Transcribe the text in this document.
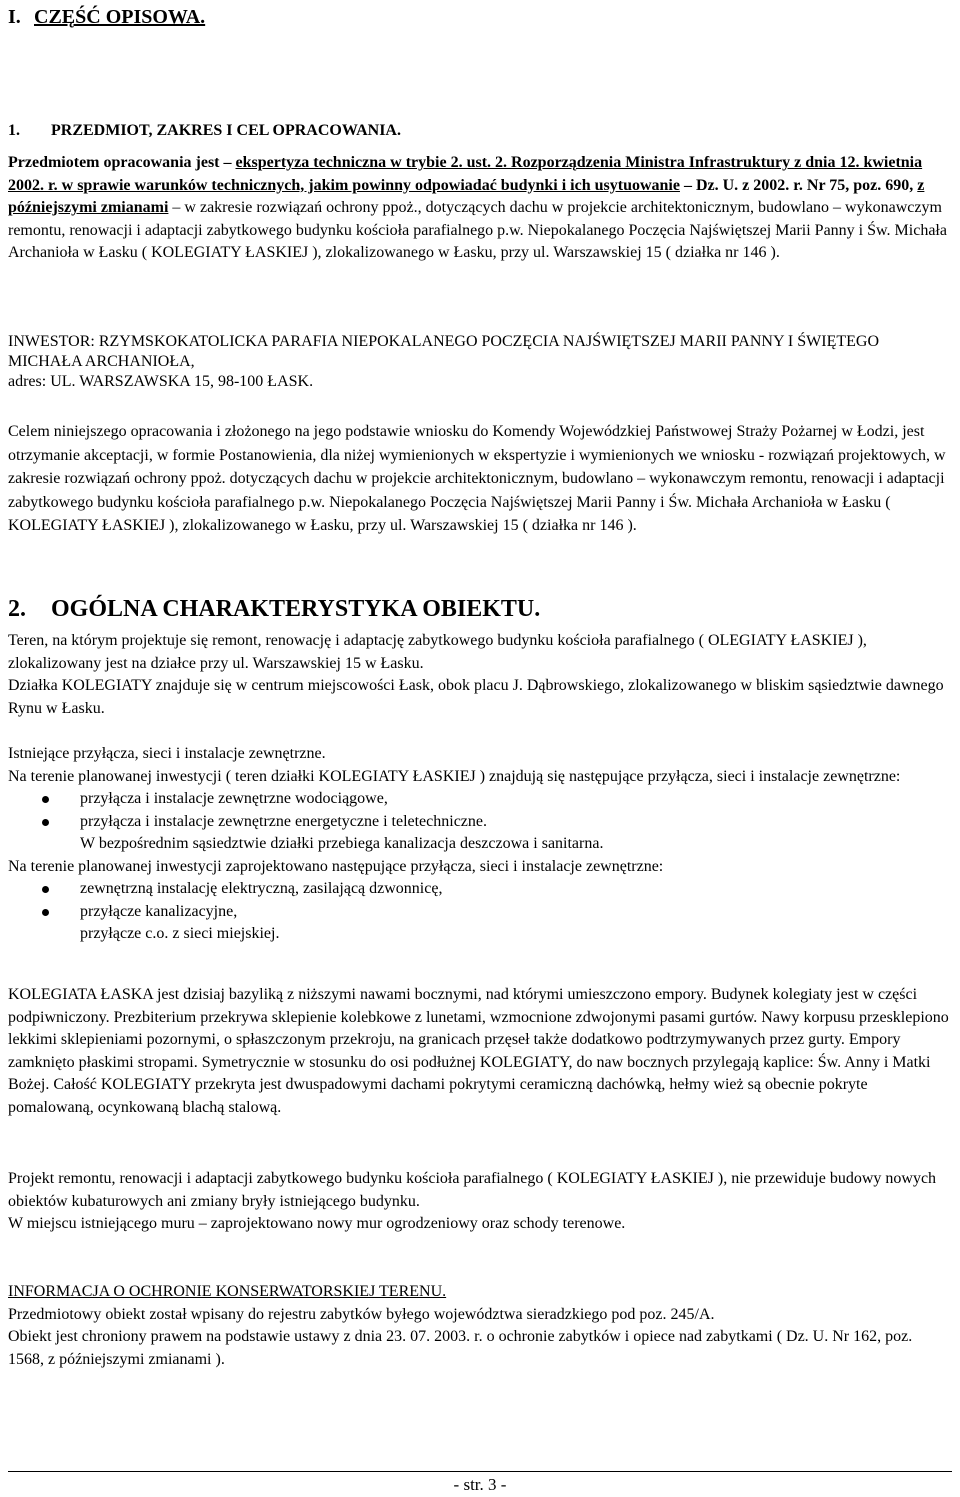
I. CZĘŚĆ OPISOWA.
1. PRZEDMIOT, ZAKRES I CEL OPRACOWANIA.

Przedmiotem opracowania jest – ekspertyza techniczna w trybie 2. ust. 2. Rozporządzenia Ministra Infrastruktury z dnia 12. kwietnia 2002. r. w sprawie warunków technicznych, jakim powinny odpowiadać budynki i ich usytuowanie – Dz. U. z 2002. r. Nr 75, poz. 690, z późniejszymi zmianami – w zakresie rozwiązań ochrony ppoż., dotyczących dachu w projekcie architektonicznym, budowlano – wykonawczym remontu, renowacji i adaptacji zabytkowego budynku kościoła parafialnego p.w. Niepokalanego Poczęcia Najświętszej Marii Panny i Św. Michała Archanioła w Łasku ( KOLEGIATY ŁASKIEJ ), zlokalizowanego w Łasku, przy ul. Warszawskiej 15 ( działka nr 146 ).

INWESTOR: RZYMSKOKATOLICKA PARAFIA NIEPOKALANEGO POCZĘCIA NAJŚWIĘTSZEJ MARII PANNY I ŚWIĘTEGO MICHAŁA ARCHANIOŁA,

adres: UL. WARSZAWSKA 15, 98-100 ŁASK.

Celem niniejszego opracowania i złożonego na jego podstawie wniosku do Komendy Wojewódzkiej Państwowej Straży Pożarnej w Łodzi, jest otrzymanie akceptacji, w formie Postanowienia, dla niżej wymienionych w ekspertyzie i wymienionych we wniosku - rozwiązań projektowych, w zakresie rozwiązań ochrony ppoż. dotyczących dachu w projekcie architektonicznym, budowlano – wykonawczym remontu, renowacji i adaptacji zabytkowego budynku kościoła parafialnego p.w. Niepokalanego Poczęcia Najświętszej Marii Panny i Św. Michała Archanioła w Łasku ( KOLEGIATY ŁASKIEJ ), zlokalizowanego w Łasku, przy ul. Warszawskiej 15 ( działka nr 146 ).

2. OGÓLNA CHARAKTERYSTYKA OBIEKTU.

Teren, na którym projektuje się remont, renowację i adaptację zabytkowego budynku kościoła parafialnego ( OLEGIATY ŁASKIEJ ), zlokalizowany jest na działce przy ul. Warszawskiej 15 w Łasku.

Działka KOLEGIATY znajduje się w centrum miejscowości Łask, obok placu J. Dąbrowskiego, zlokalizowanego w bliskim sąsiedztwie dawnego Rynu w Łasku.

Istniejące przyłącza, sieci i instalacje zewnętrzne.

Na terenie planowanej inwestycji ( teren działki KOLEGIATY ŁASKIEJ ) znajdują się następujące przyłącza, sieci i instalacje zewnętrzne:

przyłącza i instalacje zewnętrzne wodociągowe,
przyłącza i instalacje zewnętrzne energetyczne i teletechniczne.
W bezpośrednim sąsiedztwie działki przebiega kanalizacja deszczowa i sanitarna.

Na terenie planowanej inwestycji zaprojektowano następujące przyłącza, sieci i instalacje zewnętrzne:

zewnętrzną instalację elektryczną, zasilającą dzwonnicę,
przyłącze kanalizacyjne,
przyłącze c.o. z sieci miejskiej.

KOLEGIATA ŁASKA jest dzisiaj bazyliką z niższymi nawami bocznymi, nad którymi umieszczono empory. Budynek kolegiaty jest w części podpiwniczony. Prezbiterium przekrywa sklepienie kolebkowe z lunetami, wzmocnione zdwojonymi pasami gurtów. Nawy korpusu przesklepiono lekkimi sklepieniami pozornymi, o spłaszczonym przekroju, na granicach przęseł także dodatkowo podtrzymywanych przez gurty. Empory zamknięto płaskimi stropami. Symetrycznie w stosunku do osi podłużnej KOLEGIATY, do naw bocznych przylegają kaplice: Św. Anny i Matki Bożej. Całość KOLEGIATY przekryta jest dwuspadowymi dachami pokrytymi ceramiczną dachówką, hełmy wież są obecnie pokryte pomalowaną, ocynkowaną blachą stalową.

Projekt remontu, renowacji i adaptacji zabytkowego budynku kościoła parafialnego ( KOLEGIATY ŁASKIEJ ), nie przewiduje budowy nowych obiektów kubaturowych ani zmiany bryły istniejącego budynku.

W miejscu istniejącego muru – zaprojektowano nowy mur ogrodzeniowy oraz schody terenowe.

INFORMACJA O OCHRONIE KONSERWATORSKIEJ TERENU.

Przedmiotowy obiekt został wpisany do rejestru zabytków byłego województwa sieradzkiego pod poz. 245/A.

Obiekt jest chroniony prawem na podstawie ustawy z dnia 23. 07. 2003. r. o ochronie zabytków i opiece nad zabytkami ( Dz. U. Nr 162, poz. 1568, z późniejszymi zmianami ).

- str. 3 -
